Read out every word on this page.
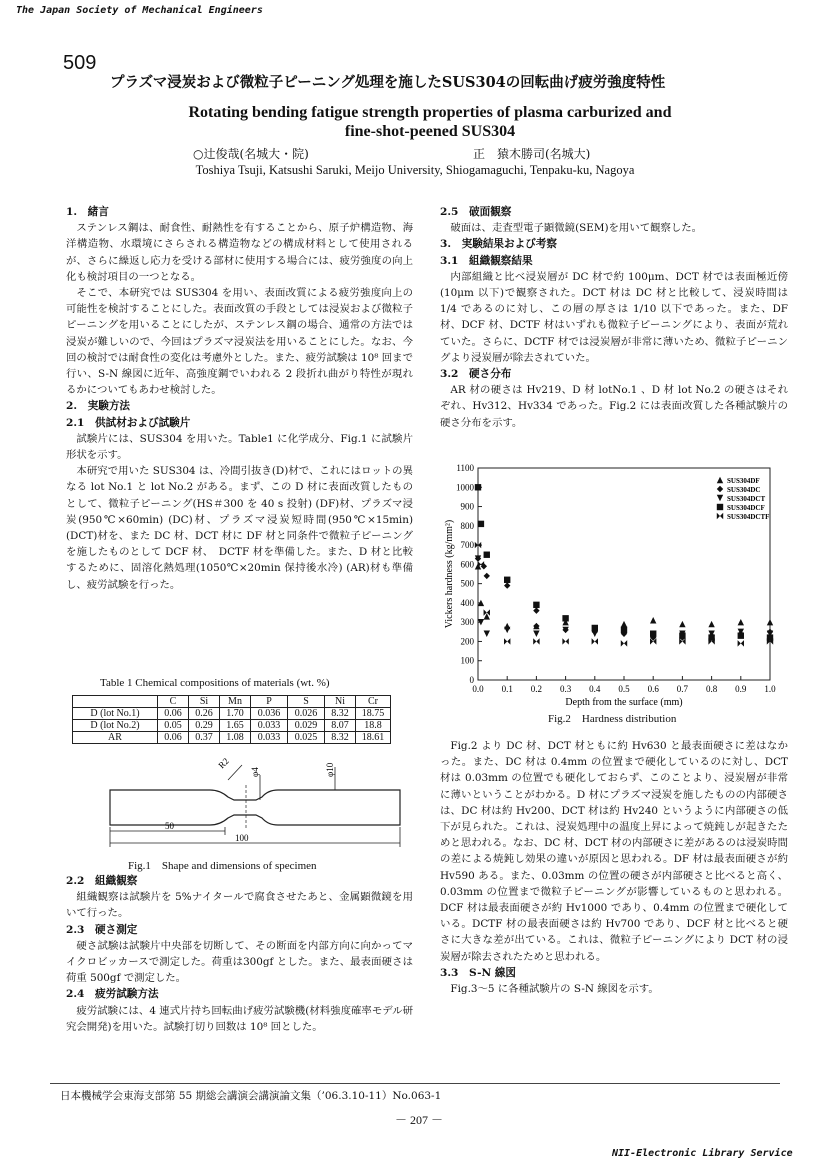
The Japan Society of Mechanical Engineers
509
プラズマ浸炭および微粒子ピーニング処理を施したSUS304の回転曲げ疲労強度特性
Rotating bending fatigue strength properties of plasma carburized and
fine-shot-peened SUS304
○辻俊哉(名城大・院)	正　猿木勝司(名城大)
Toshiya Tsuji, Katsushi Saruki, Meijo University, Shiogamaguchi, Tenpaku-ku, Nagoya
1.　緒言

ステンレス鋼は、耐食性、耐熱性を有することから、原子炉構造物、海洋構造物、水環境にさらされる構造物などの構成材料として使用されるが、さらに繰返し応力を受ける部材に使用する場合には、疲労強度の向上化も検討項目の一つとなる。

そこで、本研究では SUS304 を用い、表面改質による疲労強度向上の可能性を検討することにした。表面改質の手段としては浸炭および微粒子ピーニングを用いることにしたが、ステンレス鋼の場合、通常の方法では浸炭が難しいので、今回はプラズマ浸炭法を用いることにした。なお、今回の検討では耐食性の変化は考慮外とした。また、疲労試験は 10⁸ 回まで行い、S-N 線図に近年、高強度鋼でいわれる 2 段折れ曲がり特性が現れるかについてもあわせ検討した。

2.　実験方法
2.1　供試材および試験片

試験片には、SUS304 を用いた。Table1 に化学成分、Fig.1 に試験片形状を示す。

本研究で用いた SUS304 は、冷間引抜き(D)材で、これにはロットの異なる lot No.1 と lot No.2 がある。まず、この D 材に表面改質したものとして、微粒子ピーニング(HS＃300 を 40 s 投射) (DF)材、プラズマ浸炭(950℃×60min) (DC)材、プラズマ浸炭短時間(950℃×15min) (DCT)材を、また DC 材、DCT 材に DF 材と同条件で微粒子ピーニングを施したものとして DCF 材、　DCTF 材を準備した。また、D 材と比較するために、固溶化熱処理(1050℃×20min 保持後水冷) (AR)材も準備し、疲労試験を行った。

Table 1 Chemical compositions of materials (wt. %)
	C	Si	Mn	P	S	Ni	Cr
D (lot No.1)	0.06	0.26	1.70	0.036	0.026	8.32	18.75
D (lot No.2)	0.05	0.29	1.65	0.033	0.029	8.07	18.8
AR	0.06	0.37	1.08	0.033	0.025	8.32	18.61
R2
φ4	φ10
50
100
Fig.1　Shape and dimensions of specimen
2.2　組織観察

組織観察は試験片を 5%ナイタールで腐食させたあと、金属顕微鏡を用いて行った。

2.3　硬さ測定

硬さ試験は試験片中央部を切断して、その断面を内部方向に向かってマイクロビッカースで測定した。荷重は300gf とした。また、最表面硬さは荷重 500gf で測定した。

2.4　疲労試験方法

疲労試験には、4 連式片持ち回転曲げ疲労試験機(材料強度確率モデル研究会開発)を用いた。試験打切り回数は 10⁸ 回とした。

2.5　破面観察

破面は、走査型電子顕微鏡(SEM)を用いて観察した。

3.　実験結果および考察
3.1　組織観察結果

内部組織と比べ浸炭層が DC 材で約 100μm、DCT 材では表面極近傍(10μm 以下)で観察された。DCT 材は DC 材と比較して、浸炭時間は 1/4 であるのに対し、この層の厚さは 1/10 以下であった。また、DF 材、DCF 材、DCTF 材はいずれも微粒子ピーニングにより、表面が荒れていた。さらに、DCTF 材では浸炭層が非常に薄いため、微粒子ピーニングより浸炭層が除去されていた。

3.2　硬さ分布

AR 材の硬さは Hv219、D 材 lotNo.1 、D 材 lot No.2 の硬さはそれぞれ、Hv312、Hv334 であった。Fig.2 には表面改質した各種試験片の硬さ分布を示す。

0.0 0.1 0.2 0.3 0.4 0.5 0.6 0.7 0.8 0.9 1.0
0
100
200
300
400
500
600
700
800
900
1000
1100
Depth from the surface (mm)
Vickers hardness (kg/mm²)
SUS304DF
SUS304DC
SUS304DCT
SUS304DCF
SUS304DCTF
Fig.2　Hardness distribution

Fig.2 より DC 材、DCT 材ともに約 Hv630 と最表面硬さに差はなかった。また、DC 材は 0.4mm の位置まで硬化しているのに対し、DCT 材は 0.03mm の位置でも硬化しておらず、このことより、浸炭層が非常に薄いということがわかる。D 材にプラズマ浸炭を施したものの内部硬さは、DC 材は約 Hv200、DCT 材は約 Hv240 というように内部硬さの低下が見られた。これは、浸炭処理中の温度上昇によって焼鈍しが起きたためと思われる。なお、DC 材、DCT 材の内部硬さに差があるのは浸炭時間の差による焼鈍し効果の違いが原因と思われる。DF 材は最表面硬さが約 Hv590 ある。また、0.03mm の位置の硬さが内部硬さと比べると高く、0.03mm の位置まで微粒子ピーニングが影響しているものと思われる。DCF 材は最表面硬さが約 Hv1000 であり、0.4mm の位置まで硬化している。DCTF 材の最表面硬さは約 Hv700 であり、DCF 材と比べると硬さに大きな差が出ている。これは、微粒子ピーニングにより DCT 材の浸炭層が除去されたためと思われる。

3.3　S-N 線図

Fig.3～5 に各種試験片の S-N 線図を示す。

日本機械学会東海支部第 55 期総会講演会講演論文集（’06.3.10-11）No.063-1
－ 207 －
NII-Electronic Library Service
